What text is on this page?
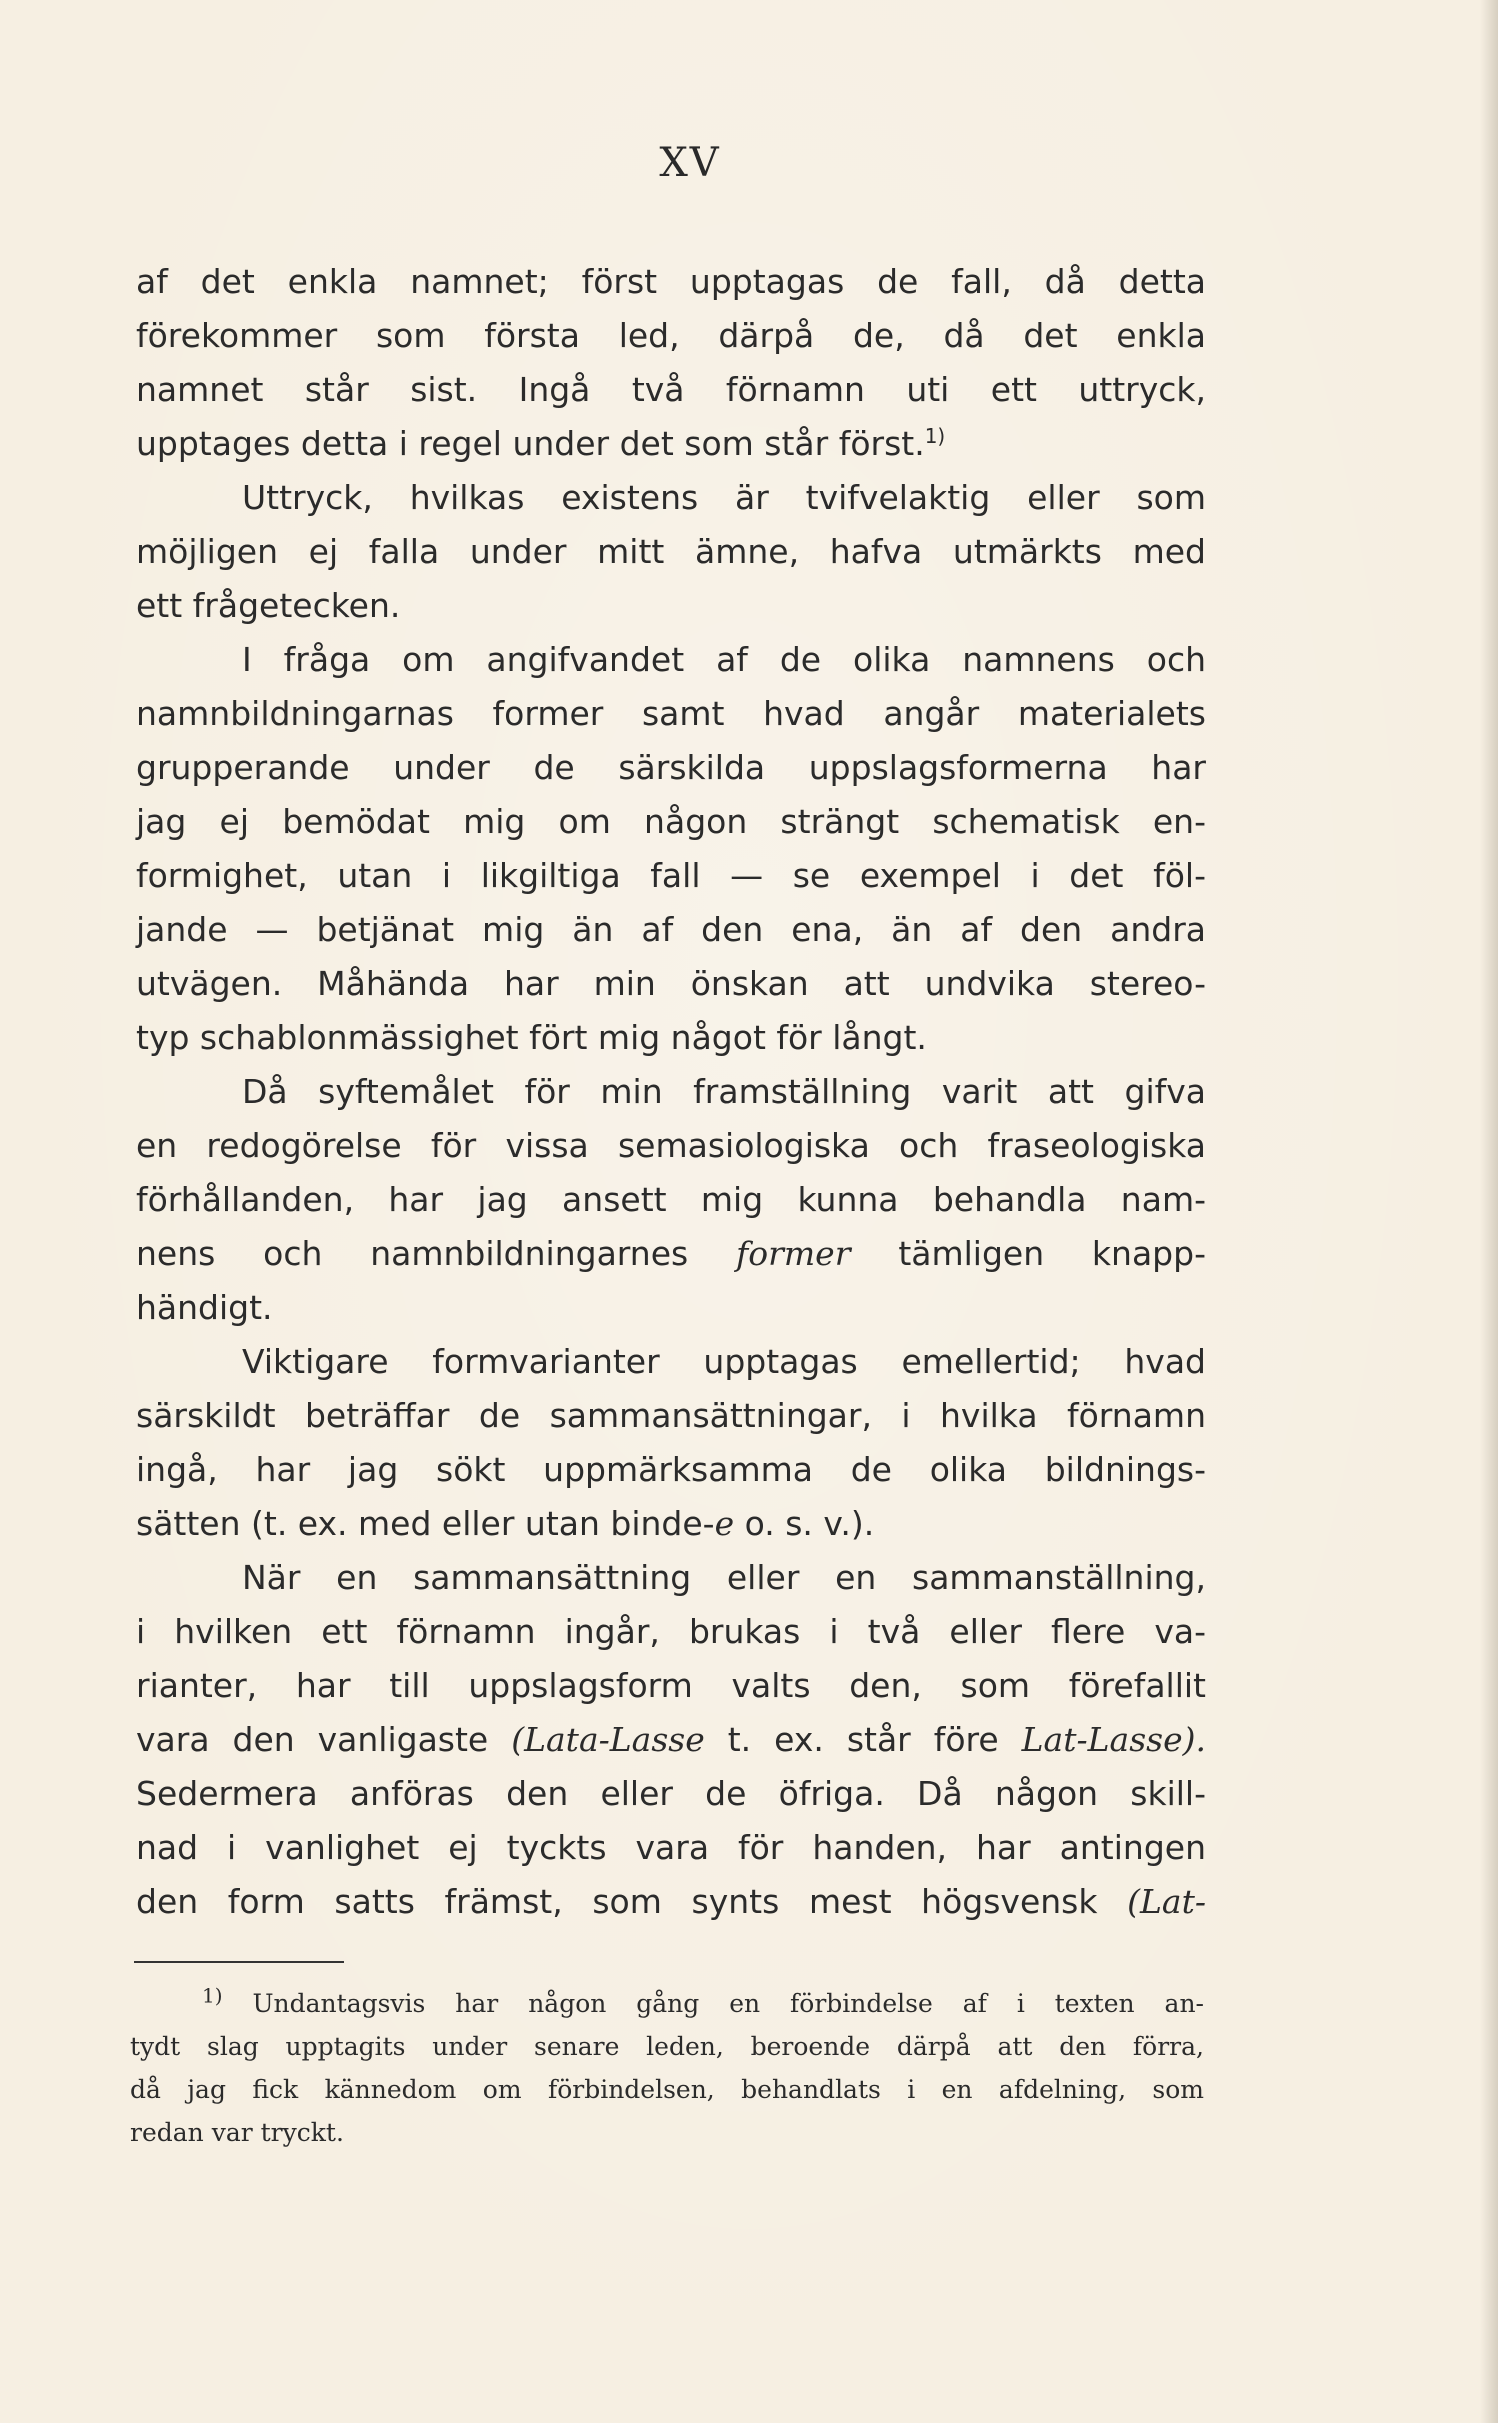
XV
af det enkla namnet; först upptagas de fall, då detta
förekommer som första led, därpå de, då det enkla
namnet står sist. Ingå två förnamn uti ett uttryck,
upptages detta i regel under det som står först.$^{1)}$
Uttryck, hvilkas existens är tvifvelaktig eller som
möjligen ej falla under mitt ämne, hafva utmärkts med
ett frågetecken.
I fråga om angifvandet af de olika namnens och
namnbildningarnas former samt hvad angår materialets
grupperande under de särskilda uppslagsformerna har
jag ej bemödat mig om någon strängt schematisk en-
formighet, utan i likgiltiga fall — se exempel i det föl-
jande — betjänat mig än af den ena, än af den andra
utvägen. Måhända har min önskan att undvika stereo-
typ schablonmässighet fört mig något för långt.
Då syftemålet för min framställning varit att gifva
en redogörelse för vissa semasiologiska och fraseologiska
förhållanden, har jag ansett mig kunna behandla nam-
nens och namnbildningarnes former tämligen knapp-
händigt.
Viktigare formvarianter upptagas emellertid; hvad
särskildt beträffar de sammansättningar, i hvilka förnamn
ingå, har jag sökt uppmärksamma de olika bildnings-
sätten (t. ex. med eller utan binde-e o. s. v.).
När en sammansättning eller en sammanställning,
i hvilken ett förnamn ingår, brukas i två eller flere va-
rianter, har till uppslagsform valts den, som förefallit
vara den vanligaste (Lata-Lasse t. ex. står före Lat-Lasse).
Sedermera anföras den eller de öfriga. Då någon skill-
nad i vanlighet ej tyckts vara för handen, har antingen
den form satts främst, som synts mest högsvensk (Lat-
$^{1)}$ Undantagsvis har någon gång en förbindelse af i texten an-
tydt slag upptagits under senare leden, beroende därpå att den förra,
då jag fick kännedom om förbindelsen, behandlats i en afdelning, som
redan var tryckt.
